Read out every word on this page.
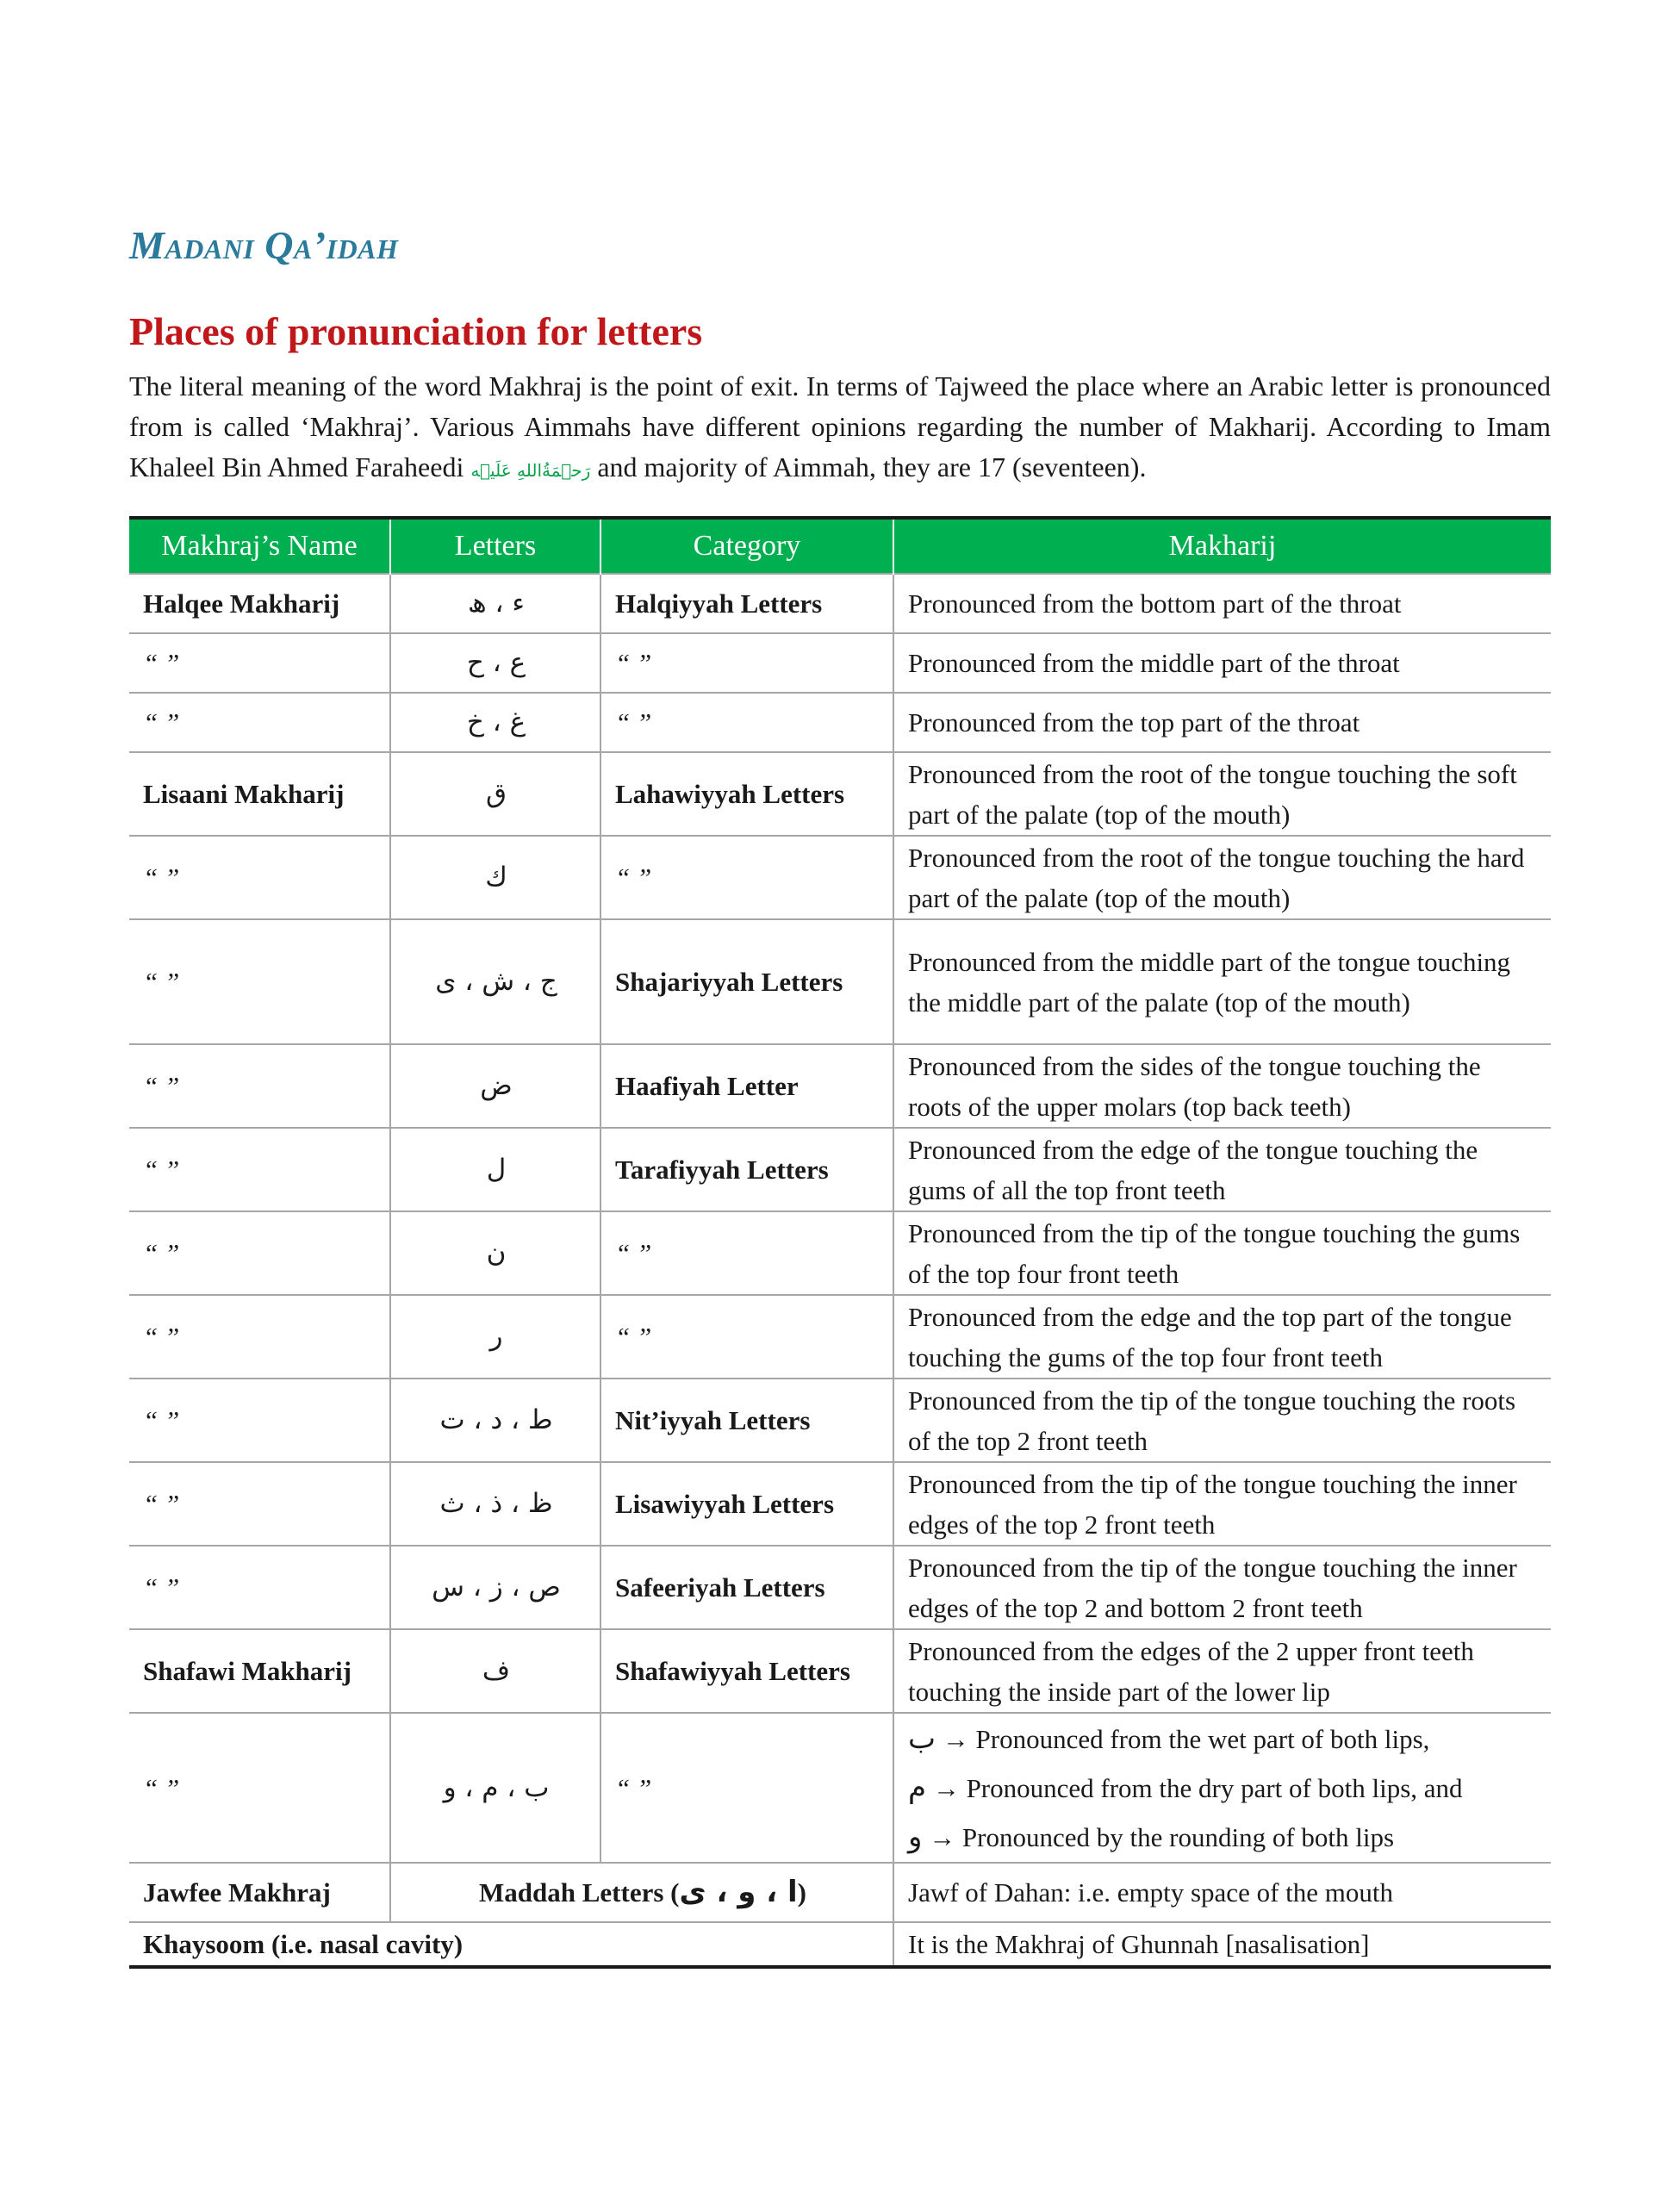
Madani Qa’idah
Places of pronunciation for letters

The literal meaning of the word Makhraj is the point of exit. In terms of Tajweed the place where an Arabic letter is pronounced from is called ‘Makhraj’. Various Aimmahs have different opinions regarding the number of Makharij. According to Imam Khaleel Bin Ahmed Faraheedi رَحۡمَةُاللهِ عَلَيۡه and majority of Aimmah, they are 17 (seventeen).

Makhraj’s Name	Letters	Category	Makharij
Halqee Makharij	ء ، ھ	Halqiyyah Letters	Pronounced from the bottom part of the throat
“ ”	ع ، ح	“ ”	Pronounced from the middle part of the throat
“ ”	غ ، خ	“ ”	Pronounced from the top part of the throat
Lisaani Makharij	ق	Lahawiyyah Letters	Pronounced from the root of the tongue touching the soft part of the palate (top of the mouth)
“ ”	ك	“ ”	Pronounced from the root of the tongue touching the hard part of the palate (top of the mouth)
“ ”	ج ، ش ، ی	Shajariyyah Letters	Pronounced from the middle part of the tongue touching the middle part of the palate (top of the mouth)
“ ”	ض	Haafiyah Letter	Pronounced from the sides of the tongue touching the roots of the upper molars (top back teeth)
“ ”	ل	Tarafiyyah Letters	Pronounced from the edge of the tongue touching the gums of all the top front teeth
“ ”	ن	“ ”	Pronounced from the tip of the tongue touching the gums of the top four front teeth
“ ”	ر	“ ”	Pronounced from the edge and the top part of the tongue touching the gums of the top four front teeth
“ ”	ط ، د ، ت	Nit’iyyah Letters	Pronounced from the tip of the tongue touching the roots of the top 2 front teeth
“ ”	ظ ، ذ ، ث	Lisawiyyah Letters	Pronounced from the tip of the tongue touching the inner edges of the top 2 front teeth
“ ”	ص ، ز ، س	Safeeriyah Letters	Pronounced from the tip of the tongue touching the inner edges of the top 2 and bottom 2 front teeth
Shafawi Makharij	ف	Shafawiyyah Letters	Pronounced from the edges of the 2 upper front teeth touching the inside part of the lower lip
“ ”	ب ، م ، و	“ ”	ب → Pronounced from the wet part of both lips,
م → Pronounced from the dry part of both lips, and
و → Pronounced by the rounding of both lips

Jawfee Makhraj	Maddah Letters (ا ، و ، ی)		Jawf of Dahan: i.e. empty space of the mouth
Khaysoom (i.e. nasal cavity)			It is the Makhraj of Ghunnah [nasalisation]
